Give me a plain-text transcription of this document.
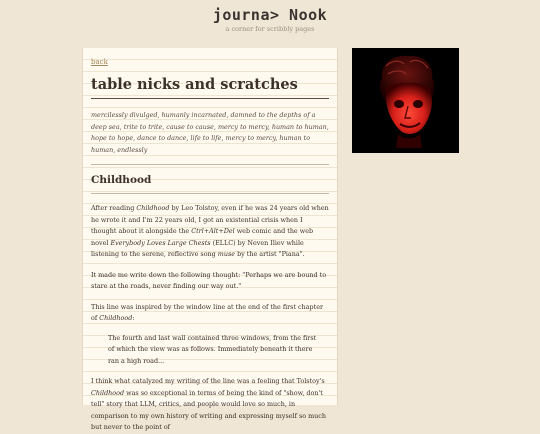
journa> Nook
a corner for scribbly pages
back
table nicks and scratches
mercilessly divulged, humanly incarnated, damned to the depths of a deep sea, trite to trite, cause to cause, mercy to mercy, human to human, hope to hope, dance to dance, life to life, mercy to mercy, human to human, endlessly
Childhood

After reading Childhood by Leo Tolstoy, even if he was 24 years old when he wrote it and I'm 22 years old, I got an existential crisis when I thought about it alongside the Ctrl+Alt+Del web comic and the web novel Everybody Loves Large Chests (ELLC) by Neven Iliev while listening to the serene, reflective song muse by the artist "Piana".

It made me write down the following thought: "Perhaps we are bound to stare at the roads, never finding our way out."

This line was inspired by the window line at the end of the first chapter of Childhood:

The fourth and last wall contained three windows, from the first of which the view was as follows. Immediately beneath it there ran a high road...

I think what catalyzed my writing of the line was a feeling that Tolstoy's Childhood was so exceptional in terms of being the kind of "show, don't tell" story that LLM, critics, and people would love so much, in comparison to my own history of writing and expressing myself so much but never to the point of
